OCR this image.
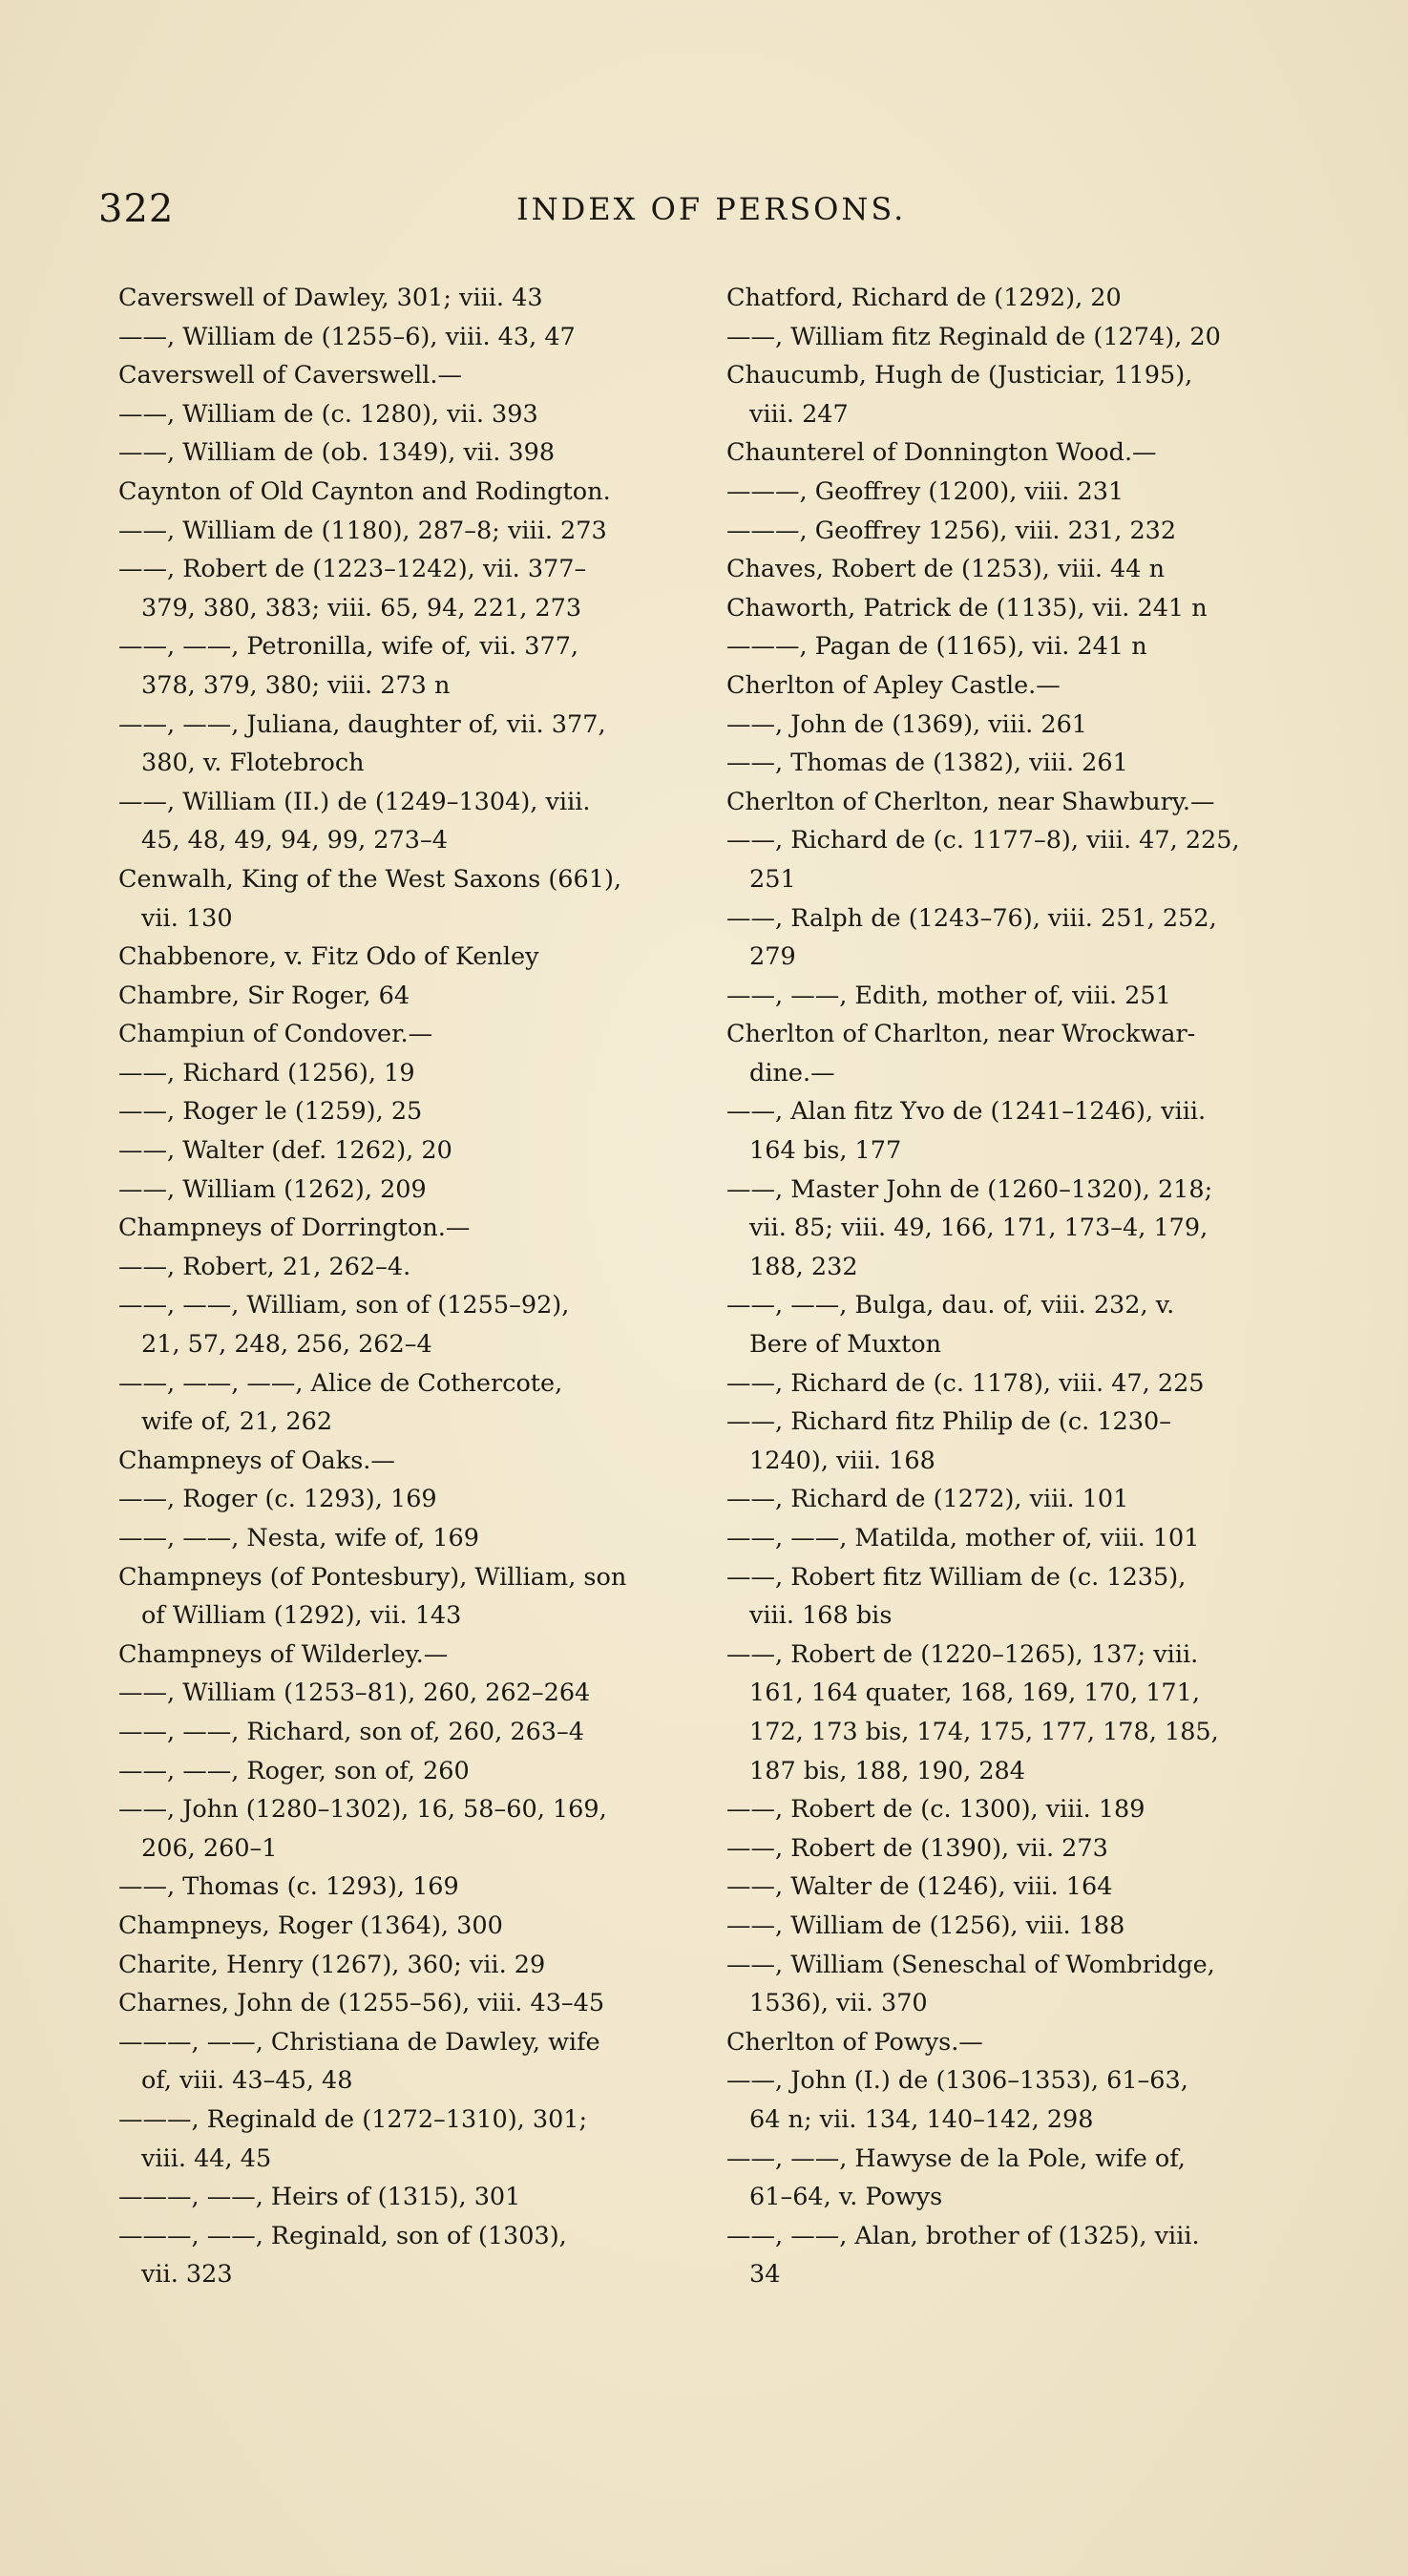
322	INDEX OF PERSONS.
Caverswell of Dawley, 301; viii. 43
——, William de (1255–6), viii. 43, 47
Caverswell of Caverswell.—
——, William de (c. 1280), vii. 393
——, William de (ob. 1349), vii. 398
Caynton of Old Caynton and Rodington.
——, William de (1180), 287–8; viii. 273
——, Robert de (1223–1242), vii. 377–
379, 380, 383; viii. 65, 94, 221, 273
——, ——, Petronilla, wife of, vii. 377,
378, 379, 380; viii. 273 n
——, ——, Juliana, daughter of, vii. 377,
380, v. Flotebroch
——, William (II.) de (1249–1304), viii.
45, 48, 49, 94, 99, 273–4
Cenwalh, King of the West Saxons (661),
vii. 130
Chabbenore, v. Fitz Odo of Kenley
Chambre, Sir Roger, 64
Champiun of Condover.—
——, Richard (1256), 19
——, Roger le (1259), 25
——, Walter (def. 1262), 20
——, William (1262), 209
Champneys of Dorrington.—
——, Robert, 21, 262–4.
——, ——, William, son of (1255–92),
21, 57, 248, 256, 262–4
——, ——, ——, Alice de Cothercote,
wife of, 21, 262
Champneys of Oaks.—
——, Roger (c. 1293), 169
——, ——, Nesta, wife of, 169
Champneys (of Pontesbury), William, son
of William (1292), vii. 143
Champneys of Wilderley.—
——, William (1253–81), 260, 262–264
——, ——, Richard, son of, 260, 263–4
——, ——, Roger, son of, 260
——, John (1280–1302), 16, 58–60, 169,
206, 260–1
——, Thomas (c. 1293), 169
Champneys, Roger (1364), 300
Charite, Henry (1267), 360; vii. 29
Charnes, John de (1255–56), viii. 43–45
———, ——, Christiana de Dawley, wife
of, viii. 43–45, 48
———, Reginald de (1272–1310), 301;
viii. 44, 45
———, ——, Heirs of (1315), 301
———, ——, Reginald, son of (1303),
vii. 323
Chatford, Richard de (1292), 20
——, William fitz Reginald de (1274), 20
Chaucumb, Hugh de (Justiciar, 1195),
viii. 247
Chaunterel of Donnington Wood.—
———, Geoffrey (1200), viii. 231
———, Geoffrey 1256), viii. 231, 232
Chaves, Robert de (1253), viii. 44 n
Chaworth, Patrick de (1135), vii. 241 n
———, Pagan de (1165), vii. 241 n
Cherlton of Apley Castle.—
——, John de (1369), viii. 261
——, Thomas de (1382), viii. 261
Cherlton of Cherlton, near Shawbury.—
——, Richard de (c. 1177–8), viii. 47, 225,
251
——, Ralph de (1243–76), viii. 251, 252,
279
——, ——, Edith, mother of, viii. 251
Cherlton of Charlton, near Wrockwar-
dine.—
——, Alan fitz Yvo de (1241–1246), viii.
164 bis, 177
——, Master John de (1260–1320), 218;
vii. 85; viii. 49, 166, 171, 173–4, 179,
188, 232
——, ——, Bulga, dau. of, viii. 232, v.
Bere of Muxton
——, Richard de (c. 1178), viii. 47, 225
——, Richard fitz Philip de (c. 1230–
1240), viii. 168
——, Richard de (1272), viii. 101
——, ——, Matilda, mother of, viii. 101
——, Robert fitz William de (c. 1235),
viii. 168 bis
——, Robert de (1220–1265), 137; viii.
161, 164 quater, 168, 169, 170, 171,
172, 173 bis, 174, 175, 177, 178, 185,
187 bis, 188, 190, 284
——, Robert de (c. 1300), viii. 189
——, Robert de (1390), vii. 273
——, Walter de (1246), viii. 164
——, William de (1256), viii. 188
——, William (Seneschal of Wombridge,
1536), vii. 370
Cherlton of Powys.—
——, John (I.) de (1306–1353), 61–63,
64 n; vii. 134, 140–142, 298
——, ——, Hawyse de la Pole, wife of,
61–64, v. Powys
——, ——, Alan, brother of (1325), viii.
34
